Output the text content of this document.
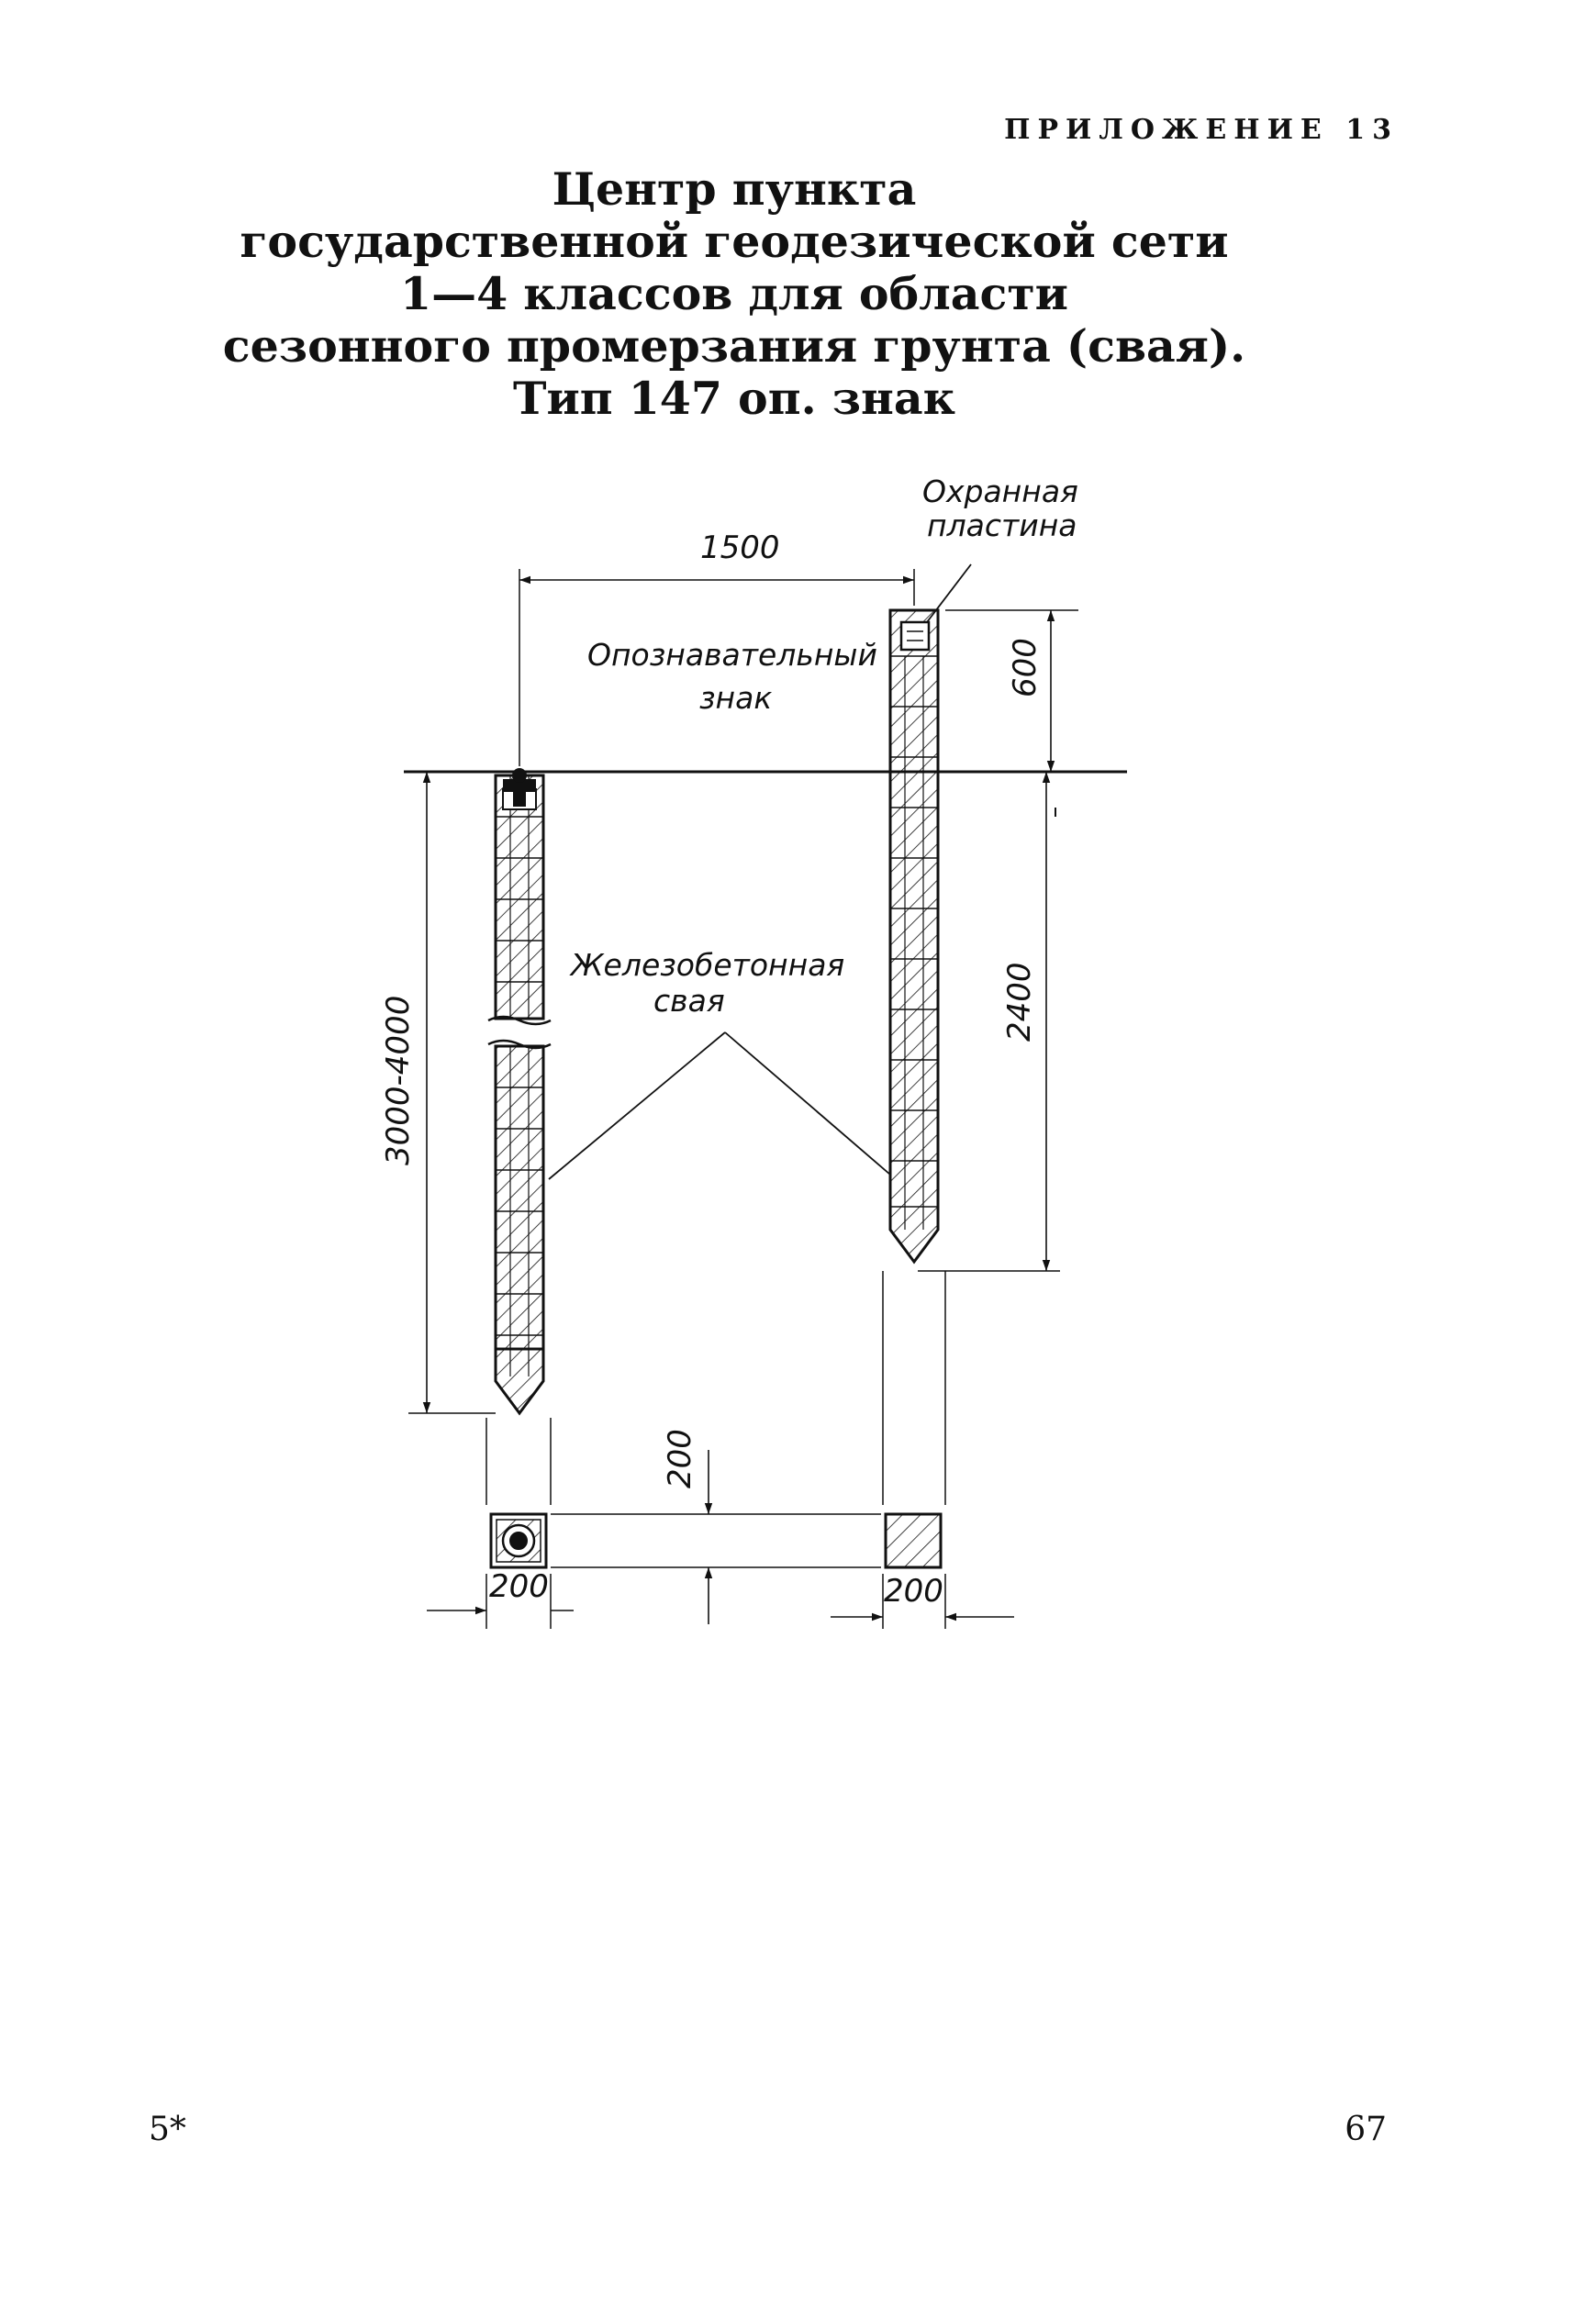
ПРИЛОЖЕНИЕ 13
Центр пункта
государственной геодезической сети
1—4 классов для области
сезонного промерзания грунта (свая).
Тип 147 оп. знак
Охранная
пластина
Опознавательный
знак
Железобетонная
свая
1500
600
2400
3000-4000
200
200	200
5*	67
